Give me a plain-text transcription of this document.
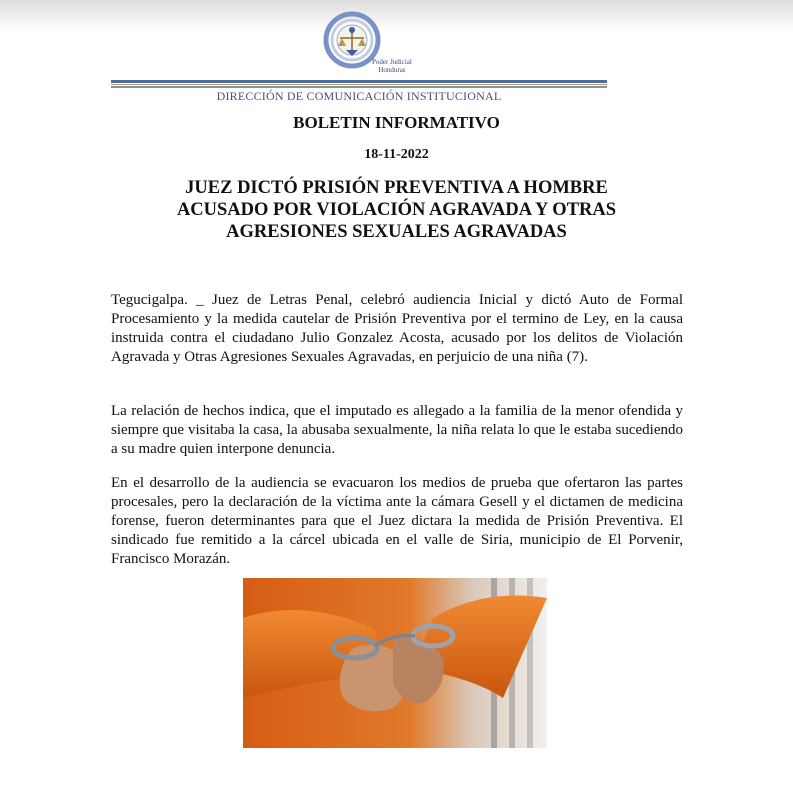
Poder Judicial
Honduras
DIRECCIÓN DE COMUNICACIÓN INSTITUCIONAL
BOLETIN INFORMATIVO
18-11-2022
JUEZ DICTÓ PRISIÓN PREVENTIVA A HOMBRE
ACUSADO POR VIOLACIÓN AGRAVADA Y OTRAS
AGRESIONES SEXUALES AGRAVADAS

Tegucigalpa. _ Juez de Letras Penal, celebró audiencia Inicial y dictó Auto de Formal Procesamiento y la medida cautelar de Prisión Preventiva por el termino de Ley, en la causa instruida contra el ciudadano Julio Gonzalez Acosta, acusado por los delitos de Violación Agravada y Otras Agresiones Sexuales Agravadas, en perjuicio de una niña (7).

La relación de hechos indica, que el imputado es allegado a la familia de la menor ofendida y siempre que visitaba la casa, la abusaba sexualmente, la niña relata lo que le estaba sucediendo a su madre quien interpone denuncia.

En el desarrollo de la audiencia se evacuaron los medios de prueba que ofertaron las partes procesales, pero la declaración de la víctima ante la cámara Gesell y el dictamen de medicina forense, fueron determinantes para que el Juez dictara la medida de Prisión Preventiva. El sindicado fue remitido a la cárcel ubicada en el valle de Siria, municipio de El Porvenir, Francisco Morazán.
